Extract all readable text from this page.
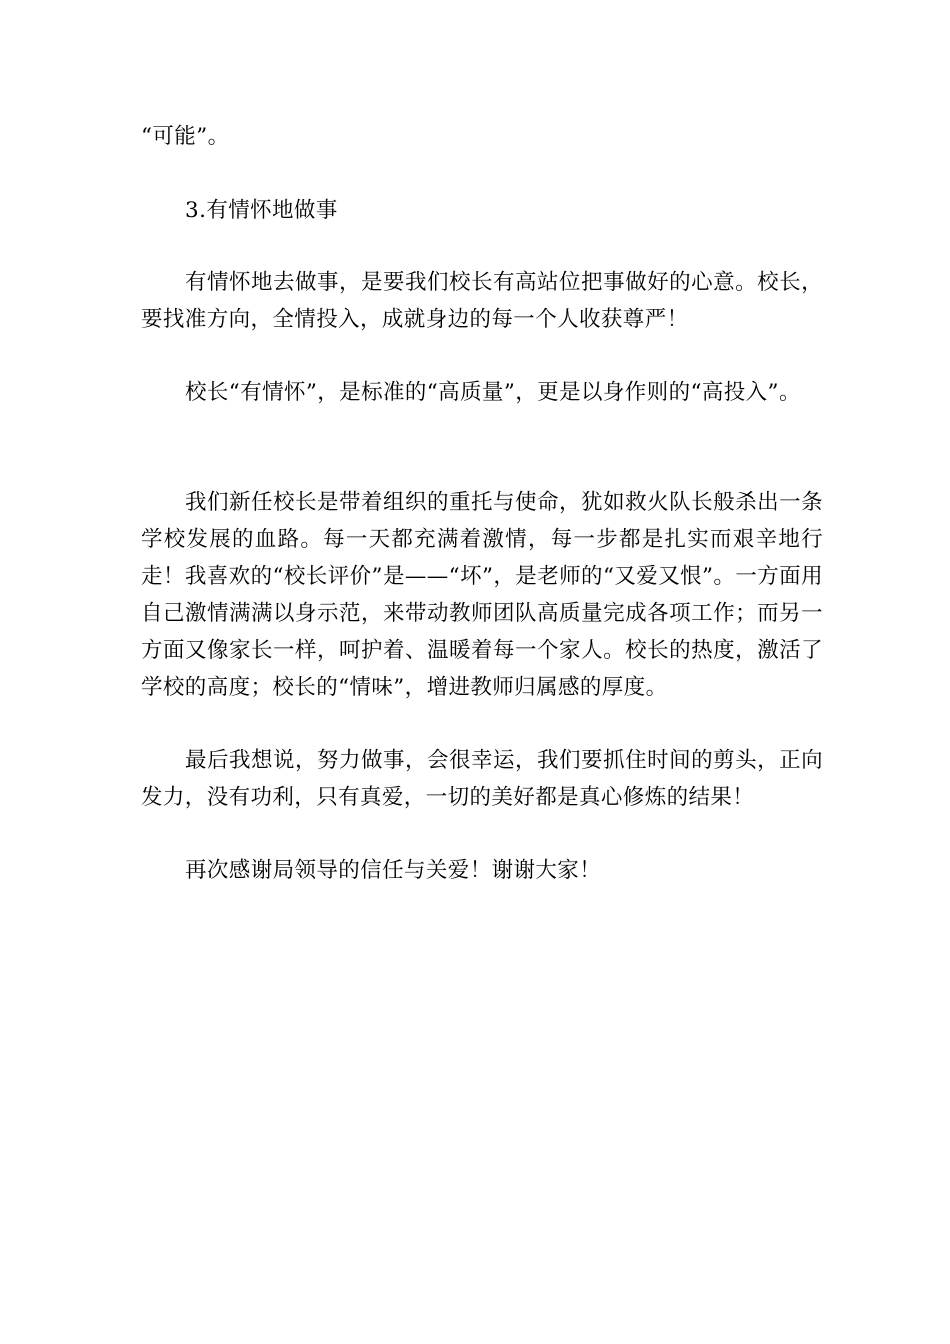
“可能”。

3.有情怀地做事

有情怀地去做事，是要我们校长有高站位把事做好的心意。校长，要找准方向，全情投入，成就身边的每一个人收获尊严！

校长“有情怀”，是标准的“高质量”，更是以身作则的“高投入”。

我们新任校长是带着组织的重托与使命，犹如救火队长般杀出一条学校发展的血路。每一天都充满着激情，每一步都是扎实而艰辛地行走！我喜欢的“校长评价”是——“坏”，是老师的“又爱又恨”。一方面用自己激情满满以身示范，来带动教师团队高质量完成各项工作；而另一方面又像家长一样，呵护着、温暖着每一个家人。校长的热度，激活了学校的高度；校长的“情味”，增进教师归属感的厚度。

最后我想说，努力做事，会很幸运，我们要抓住时间的剪头，正向发力，没有功利，只有真爱，一切的美好都是真心修炼的结果！

再次感谢局领导的信任与关爱！谢谢大家！
